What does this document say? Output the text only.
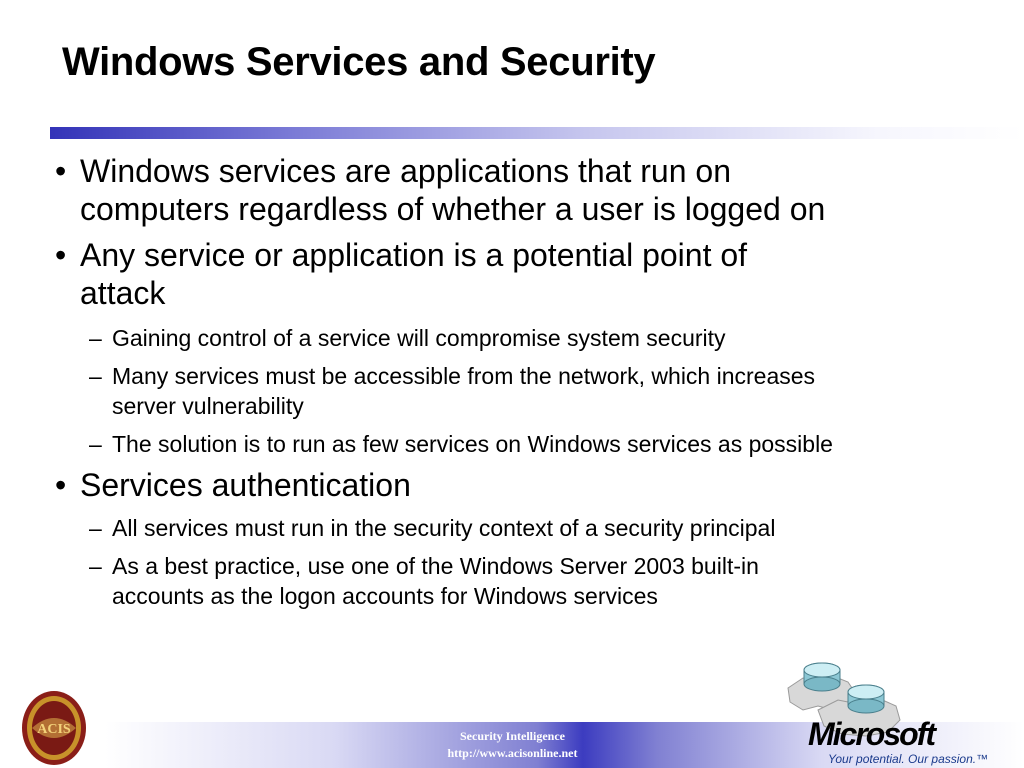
Windows Services and Security
• Windows services are applications that run on
computers regardless of whether a user is logged on
• Any service or application is a potential point of
attack
– Gaining control of a service will compromise system security
– Many services must be accessible from the network, which increases
server vulnerability
– The solution is to run as few services on Windows services as possible
• Services authentication
– All services must run in the security context of a security principal
– As a best practice, use one of the Windows Server 2003 built-in
accounts as the logon accounts for Windows services
Security Intelligence
http://www.acisonline.net
ACIS	Microsoft
Your potential. Our passion.™
